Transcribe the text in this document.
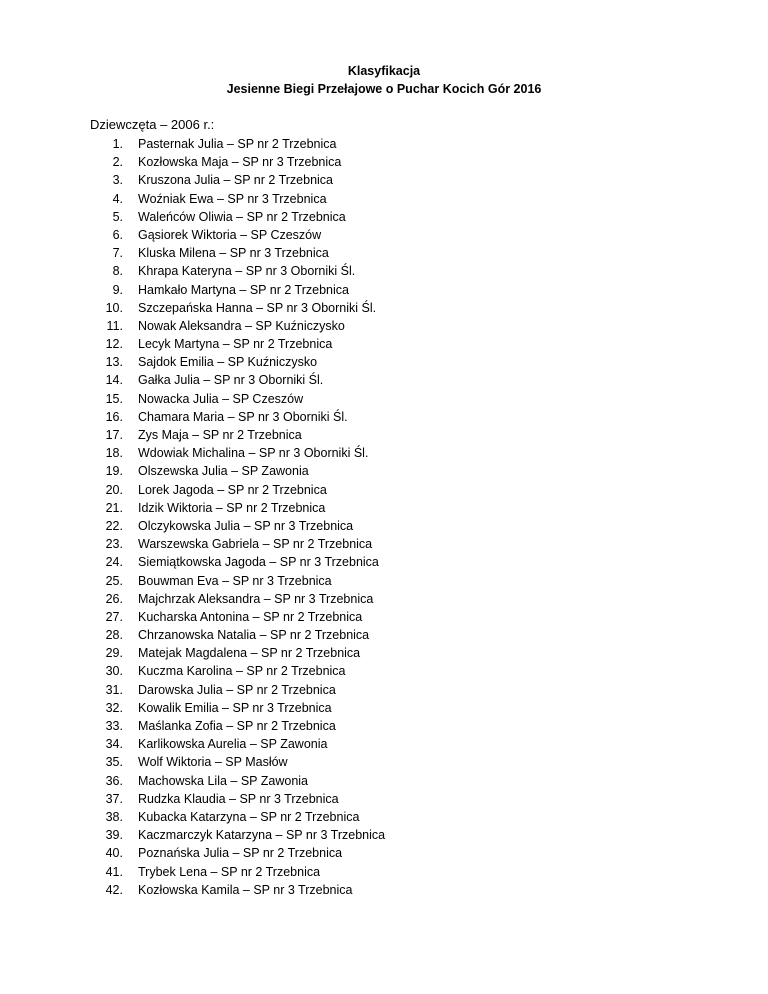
Klasyfikacja
Jesienne Biegi Przełajowe o Puchar Kocich Gór 2016
Dziewczęta – 2006 r.:
1. Pasternak Julia – SP nr 2 Trzebnica
2. Kozłowska Maja – SP nr 3 Trzebnica
3. Kruszona Julia – SP nr 2 Trzebnica
4. Woźniak Ewa – SP nr 3 Trzebnica
5. Waleńców Oliwia – SP nr 2 Trzebnica
6. Gąsiorek Wiktoria – SP Czeszów
7. Kluska Milena – SP nr 3 Trzebnica
8. Khrapa Kateryna – SP nr 3 Oborniki Śl.
9. Hamkało Martyna – SP nr 2 Trzebnica
10. Szczepańska Hanna – SP nr 3 Oborniki Śl.
11. Nowak Aleksandra – SP Kuźniczysko
12. Lecyk Martyna – SP nr 2 Trzebnica
13. Sajdok Emilia – SP Kuźniczysko
14. Gałka Julia – SP nr 3 Oborniki Śl.
15. Nowacka Julia – SP Czeszów
16. Chamara Maria – SP nr 3 Oborniki Śl.
17. Zys Maja – SP nr 2 Trzebnica
18. Wdowiak Michalina – SP nr 3 Oborniki Śl.
19. Olszewska Julia – SP Zawonia
20. Lorek Jagoda – SP nr 2 Trzebnica
21. Idzik Wiktoria – SP nr 2 Trzebnica
22. Olczykowska Julia – SP nr 3 Trzebnica
23. Warszewska Gabriela – SP nr 2 Trzebnica
24. Siemiątkowska Jagoda – SP nr 3 Trzebnica
25. Bouwman Eva – SP nr 3 Trzebnica
26. Majchrzak Aleksandra – SP nr 3 Trzebnica
27. Kucharska Antonina – SP nr 2 Trzebnica
28. Chrzanowska Natalia – SP nr 2 Trzebnica
29. Matejak Magdalena – SP nr 2 Trzebnica
30. Kuczma Karolina – SP nr 2 Trzebnica
31. Darowska Julia – SP nr 2 Trzebnica
32. Kowalik Emilia – SP nr 3 Trzebnica
33. Maślanka Zofia – SP nr 2 Trzebnica
34. Karlikowska Aurelia – SP Zawonia
35. Wolf Wiktoria – SP Masłów
36. Machowska Lila – SP Zawonia
37. Rudzka Klaudia – SP nr 3 Trzebnica
38. Kubacka Katarzyna – SP nr 2 Trzebnica
39. Kaczmarczyk Katarzyna – SP nr 3 Trzebnica
40. Poznańska Julia – SP nr 2 Trzebnica
41. Trybek Lena – SP nr 2 Trzebnica
42. Kozłowska Kamila – SP nr 3 Trzebnica
